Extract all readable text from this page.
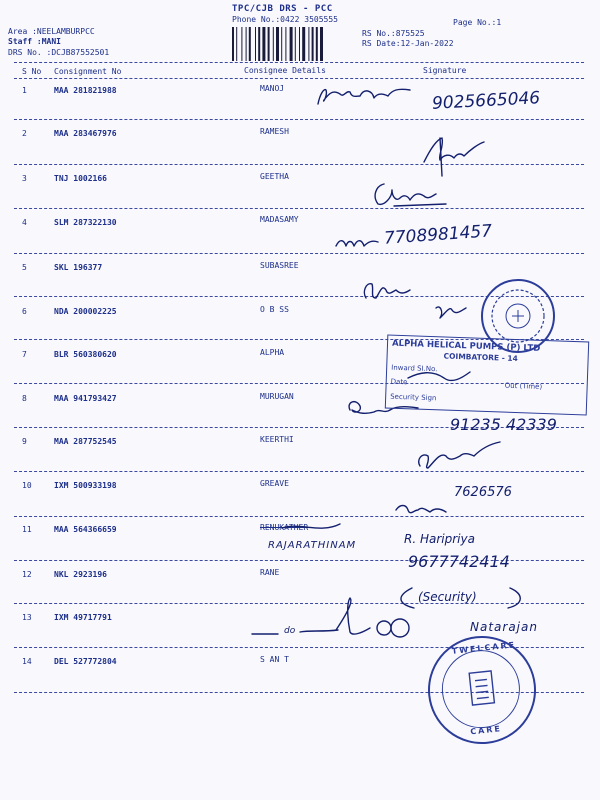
TPC/CJB DRS - PCC
Phone No.:0422 3505555	Page No.:1
Area :NEELAMBURPCC
Staff :MANI
DRS No. :DCJB87552501
RS No.:875525
RS Date:12-Jan-2022
S No Consignment No	Consignee Details	Signature
1	MAA 281821988	MANOJ
2	MAA 283467976	RAMESH
3	TNJ 1002166	GEETHA
4	SLM 287322130	MADASAMY
5	SKL 196377	SUBASREE
6	NDA 200002225	O B SS
7	BLR 560380620	ALPHA
8	MAA 941793427	MURUGAN
9	MAA 287752545	KEERTHI
10	IXM 500933198	GREAVE
11	MAA 564366659	RENUKATHER
12	NKL 2923196	RANE
13	IXM 49717791
14	DEL 527772804	S AN T
9025665046
7708981457
91235 42339
7626576
RAJARATHINAM	R. Haripriya
9677742414
(Security)
do	Natarajan
ALPHA HELICAL PUMPS (P) LTD
COIMBATORE - 14
Inward SI.No.
Date	Out (Time)
Security Sign
TWELCARE
CARE
